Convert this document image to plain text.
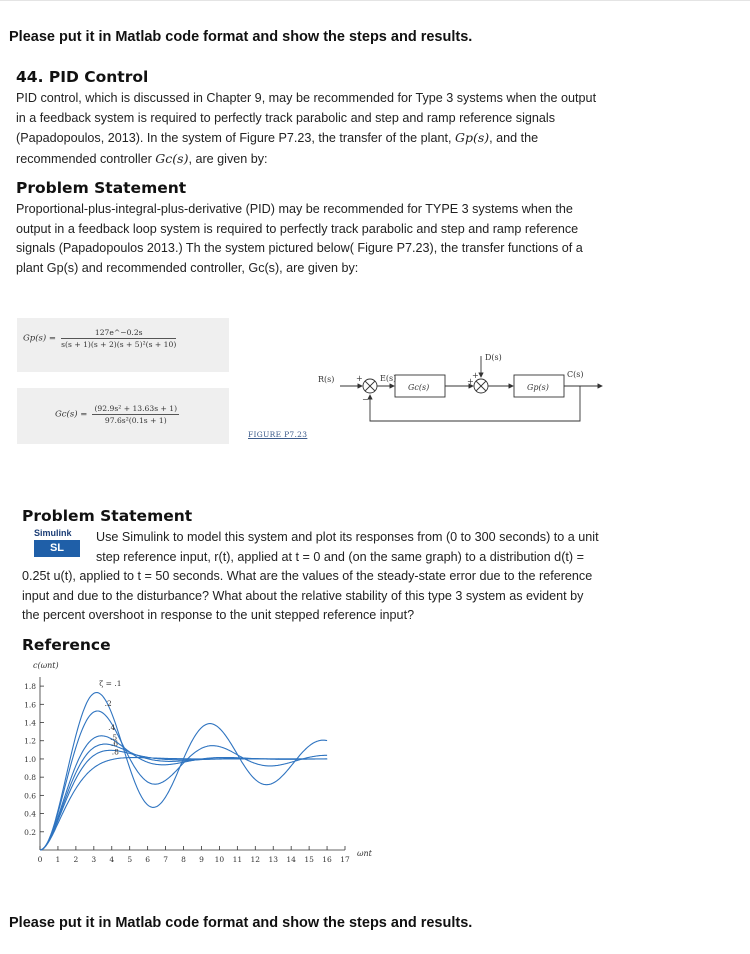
Please put it in Matlab code format and show the steps and results.
44. PID Control
PID control, which is discussed in Chapter 9, may be recommended for Type 3 systems when the output
in a feedback system is required to perfectly track parabolic and step and ramp reference signals
(Papadopoulos, 2013). In the system of Figure P7.23, the transfer of the plant, Gp(s), and the
recommended controller Gc(s), are given by:
Problem Statement
Proportional-plus-integral-plus-derivative (PID) may be recommended for TYPE 3 systems when the
output in a feedback loop system is required to perfectly track parabolic and step and ramp reference
signals (Papadopoulos 2013.) Th the system pictured below( Figure P7.23), the transfer functions of a
plant Gp(s) and recommended controller, Gc(s), are given by:
$Gp(s) = \frac{127e\^{}-0.2s}{\text{s(s + 1)(s + 2)(s + 5)²(s + 10)}}$
$Gc(s) = \frac{\text{(92.9s² + 13.63s + 1)}}{\text{97.6s²(0.1s + 1)}}$
FIGURE P7.23
R(s)	+
−
E(s)
Gc(s)
D(s)
+
+
Gp(s)
C(s)
Problem Statement
Simulink
SL
Use Simulink to model this system and plot its responses from (0 to 300 seconds) to a unit
step reference input, r(t), applied at t = 0 and (on the same graph) to a distribution d(t) =
0.25t u(t), applied to t = 50 seconds. What are the values of the steady-state error due to the reference
input and due to the disturbance? What about the relative stability of this type 3 system as evident by
the percent overshoot in response to the unit stepped reference input?
Reference
c(ωnt)
ωnt
0 1 2 3 4 5 6 7 8 9 10 11 12 13 14 15 16 17
0.2
0.4
0.6
0.8
1.0
1.2
1.4
1.6
1.8	ζ = .1
.2
.4
.5
.6
.8
Please put it in Matlab code format and show the steps and results.
